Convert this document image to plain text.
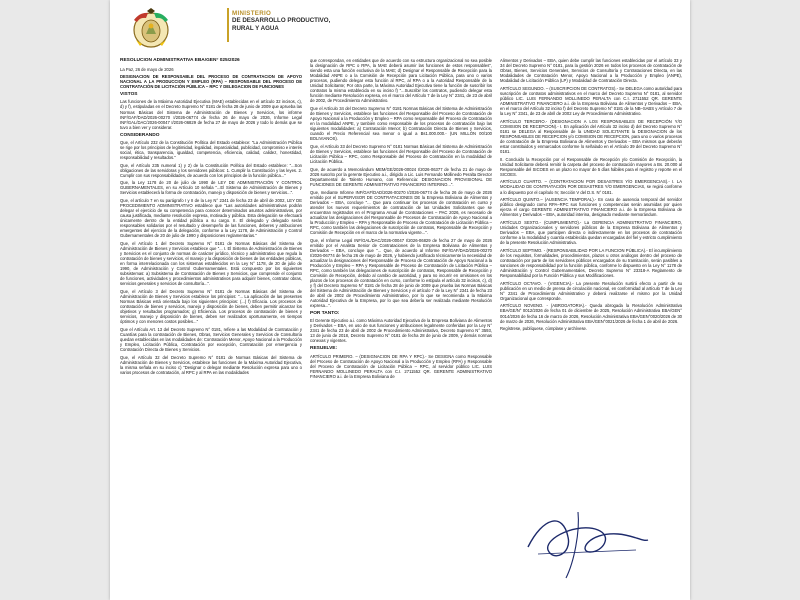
MINISTERIO
DE DESARROLLO PRODUCTIVO,
RURAL Y AGUA

RESOLUCIÓN ADMINISTRATIVA EBA/GEN° 025/2026

La Paz, 26 de mayo de 2026

DESIGNACION DE RESPONSABLE DEL PROCESO DE CONTRATACION DE APOYO NACIONAL A LA PRODUCCION Y EMPLEO (RPA) – RESPONSABLE DEL PROCESO DE CONTRATACIÓN DE LICITACIÓN PÚBLICA – RPC Y DELEGACION DE FUNCIONES

VISTOS

Las funciones de la Máxima Autoridad Ejecutiva (MAE) establecidas en el artículo 32 incisos, c), d) y f), estipuladas en el Decreto Supremo N° 0181 de fecha 28 de junio de 2009 que aprueba las Normas Básicas del Sistema de Administración de Bienes y Servicios, los informe INF/GAF/DAD/2026-00270 I/2026-06774 de fecha 26 de mayo de 2026, Informe Legal INF/GAL/DAC/2026-00047 I/2026-06829 de fecha 27 de mayo de 2026 y todo lo demás que se tuvo a bien ver y considerar.

CONSIDERANDO

Que, el Artículo 232 de la Constitución Política del Estado establece: "La Administración Pública se rige por los principios de legitimidad, legalidad, imparcialidad, publicidad, compromiso e interés social, ética, transparencia, igualdad, competencia, eficiencia, calidad, calidez, honestidad, responsabilidad y resultados."

Que, el Artículo 235 numeral 1) y 2) de la Constitución Política del Estado establece: "...Son obligaciones de las servidoras y los servidores públicos: 1. Cumplir la Constitución y las leyes. 2. Cumplir con sus responsabilidades, de acuerdo con los principios de la función pública..."

Que, la Ley 1178 de 20 de julio de 1990 de LEY DE ADMINISTRACIÓN Y CONTROL GUBERNAMENTALES, en su Artículo 10 señala "...El Sistema de Administración de Bienes y Servicios establecerá la forma de contratación, manejo y disposición de bienes y servicios...".

Que, el artículo 7 en su parágrafo I y II de la Ley N° 2341 de fecha 23 de abril de 2002, LEY DE PROCEDIMIENTO ADMINISTRATIVO establece que "Las autoridades administrativas podrán delegar el ejercicio de su competencia para conocer determinados asuntos administrativos, por causa justificada, mediante resolución expresa, motivada y pública. Esta delegación se efectuará únicamente dentro de la entidad pública a su cargo. II. El delegado y delegado serán responsables solidarios por el resultado y desempeño de las funciones, deberes y atribuciones emergentes del ejercicio de la delegación, conforme a la Ley 1178, de Administración y Control Gubernamentales de 20 de julio de 1990 y disposiciones reglamentarias."

Que, el Artículo 1 del Decreto Supremo N° 0181 de Normas Básicas del Sistema de Administración de Bienes y Servicios establece que "... I. El Sistema de Administración de Bienes y Servicios es el conjunto de normas de carácter jurídico, técnico y administrativo que regula la contratación de bienes y servicios, el manejo y la disposición de bienes de las entidades públicas, en forma interrelacionada con los sistemas establecidos en la Ley N° 1178, de 20 de julio de 1990, de Administración y Control Gubernamentales. Está compuesto por los siguientes subsistemas: a) Subsistema de Contratación de Bienes y Servicios, que comprende el conjunto de funciones, actividades y procedimientos administrativos para adquirir bienes, contratar obras, servicios generales y servicios de consultoría...".

Que, el Artículo 3 del Decreto Supremo N° 0181 de Normas Básicas del Sistema de Administración de Bienes y Servicios establece los principios: "... La aplicación de las presentes Normas Básicas está orientada bajo los siguientes principios: (...) f) Eficacia. Los procesos de contratación de bienes y servicios, manejo y disposición de bienes, deben permitir alcanzar los objetivos y resultados programados; g) Eficiencia. Los procesos de contratación de bienes y servicios, manejo y disposición de bienes, deben ser realizados oportunamente, en tiempos óptimos y con menores costos posibles..."

Que el Artículo Art. 13 del Decreto Supremo N° 0181, refiere a las Modalidad de Contratación y Cuantías para la contratación de Bienes, Obras, Servicios Generales y Servicios de Consultoría quedan establecidas en las modalidades de: Contratación Menor, Apoyo Nacional a la Producción y Empleo, Licitación Pública, Contratación por excepción, Contratación por emergencia y Contratación Directa de Bienes y Servicios.

Que, el Artículo 32 del Decreto Supremo N° 0181 de Normas Básicas del Sistema de Administración de Bienes y Servicios, establece las funciones de la Máxima Autoridad Ejecutiva, la misma señala en su inciso c) "Designar o delegar mediante Resolución expresa para uno o varios procesos de contratación, al RPC y al RPA en las modalidades

que correspondan, en entidades que de acuerdo con su estructura organizacional no sea posible la designación de RPC o RPA, la MAE deberá asumir las funciones de estos responsables", siendo esta una función exclusiva de la MAE; d) Designar el Responsable de Recepción para la Modalidad ANPE o a la Comisión de Recepción para Licitación Pública, para uno o varios procesos, pudiendo delegar esta función al RPC, al RPA o a la Autoridad Responsable de la Unidad Solicitante; Por otra parte, la Máxima Autoridad Ejecutiva tiene la función de suscribir los contratos la misma establecida en su inciso f) "...Suscribir los contratos, pudiendo delegar esta función mediante Resolución expresa, en el marco del Artículo 7 de la Ley N° 2341, de 23 de abril de 2002, de Procedimiento Administrativo.

Que el Artículo 34 del Decreto Supremo N° 0181 Normas Básicas del Sistema de Administración de Bienes y Servicios, establece las funciones del Responsable del Proceso de Contratación de Apoyo Nacional a la Producción y Empleo – RPA como responsable del Proceso de Contratación en la modalidad ANPE, y también como responsable de los procesos de contratación bajo las siguientes modalidades: a) Contratación Menor; b) Contratación Directa de Bienes y Servicios, cuando el Precio Referencial sea menor o igual a Bs1.000.000.- (UN MILLÓN 00/100 BOLIVIANOS).

Que, el Artículo 33 del Decreto Supremo N° 0181 Normas Básicas del Sistema de Administración de Bienes y Servicios, establece las funciones del Responsable del Proceso de Contratación de Licitación Pública – RPC, como Responsable del Proceso de Contratación en la modalidad de Licitación Pública.

Que, de acuerdo a Memorándum MEM/GE/2026-00024 I/2026-06377 de fecha 21 de mayo de 2026 suscrito por la gerente Ejecutivo a.i., dirigido a Lic. Luis Fernando Mollinedo Peralta Director Departamental de Talento Humano, con Referencia: DESIGNACION PROVISIONAL DE FUNCIONES DE GERENTE ADMINISTRATIVO FINANCIERO INTERINO...".

Que, mediante Informe INF/GAF/DAD/2026-00270 I/2026-06774 de fecha 26 de mayo de 2026 emitido por el SUPERVISOR DE CONTRATACIONES DE la Empresa Boliviana de Alimentos y Derivados – EBA, concluye "... Que para continuar los procesos de contratación en curso y atender los nuevos requerimientos de contratación de las Unidades Solicitantes que se encuentran registrados en el Programa Anual de Contrataciones – PAC 2026, es necesario de actualizar las designaciones del Responsable de Procesos de Contratación de Apoyo Nacional a la Producción y Empleo – RPA y Responsable de Proceso de Contratación de Licitación Pública – RPC, como también las delegaciones de suscripción de contratos, Responsable de Recepción y Comisión de Recepción en el marco de la normativa vigente...".

Que, el Informe Legal INF/GAL/DAC/2026-00047 I/2026-06829 de fecha 27 de mayo de 2026 emitido por el Analista Senior de Contrataciones de la Empresa Boliviana de Alimentos y Derivados – EBA, concluye que "... Que, de acuerdo al Informe INF/GAF/DAD/2026-00270 I/2026-06774 de fecha 26 de mayo de 2026, y habiendo justificado técnicamente la necesidad de actualizar la designaciones del Responsable de Proceso de Contratación de Apoyo Nacional a la Producción y Empleo – RPA y Responsable de Proceso de Contratación de Licitación Pública – RPC, como también las delegaciones de suscripción de contratos, Responsable de Recepción y Comisión de Recepción, debido al cambio de autoridad, y para no incurrir en omisiones en los plazos de los procesos de contratación en curso, conforme lo estipula el artículo 32 incisos, c), d) y f) del Decreto Supremo N° 0181 de fecha 28 de junio de 2009 que prueba las Normas Básicas del Sistema de Administración de Bienes y Servicios y el artículo 7 de la Ley N° 2341 de fecha 23 de abril de 2002 de Procedimiento Administrativo, por lo que se recomienda a la Máxima Autoridad Ejecutiva de la Empresa, por lo que sea debería ser realizada mediante Resolución expresa...".

POR TANTO:

El Gerente Ejecutivo a.i. como Máxima Autoridad Ejecutiva de la Empresa Boliviana de Alimentos y Derivados – EBA, en uso de sus funciones y atribuciones legalmente conferidas por la Ley N° 2341 de fecha 23 de abril de 2002 de Procedimiento Administrativo, Decreto Supremo N° 3593, 13 de junio de 2018, Decreto Supremo N° 0181 de fecha 28 de junio de 2009, y demás normas conexas y vigentes.

RESUELVE:

ARTÍCULO PRIMERO. – (DESIGNACION DE RPA Y RPC).- Se DESIGNA como Responsable del Proceso de Contratación de Apoyo Nacional a la Producción y Empleo (RPA) y Responsable del Proceso de Contratación de Licitación Pública – RPC, al servidor público LIC. LUIS FERNANDO MOLLINEDO PERALTA con C.I. 2711552 QR. GERENTE ADMINISTRATIVO FINANCIERO a.i. de la Empresa Boliviana de

Alimentos y Derivados – EBA, quien debe cumplir las funciones establecidas por el artículo 33 y 34 del Decreto Supremo N° 0181, para la gestión 2026 en todos los procesos de contratación de Obras, Bienes, Servicios Generales, Servicios de Consultoría y Contrataciones Directa, en las Modalidades de Contratación Menor, Apoyo Nacional a la Producción y Empleo (ANPE), Modalidad de Licitación Pública (LP) y Modalidad de Contratación Directa.

ARTÍCULO SEGUNDO. – (SUSCRIPCION DE CONTRATOS).- Se DELEGA como autoridad para suscripción de contratos administrativos en el marco del Decreto Supremo N° 0181, al servidor público LIC. LUIS FERNANDO MOLLINEDO PERALTA con C.I. 2711552 QR. GERENTE ADMINISTRATIVO FINANCIERO a.i. de la Empresa Boliviana de Alimentos y Derivados – EBA, en el marco del Artículo 32 inciso f) del Decreto Supremo N° 0181 de la NB–SABS y Artículo 7 de la Ley N° 2341, de 23 de abril de 2002 Ley de Procedimiento Administrativo.

ARTÍCULO TERCERO.- (DESIGNACION A LOS RESPONSABLES DE RECEPCIÓN Y/O COMISION DE RECEPCION).- I. En aplicación del Artículo 32 inciso d) del Decreto Supremo N° 0181 se DELEGA al Responsable de la UNIDAD SOLICITANTE la DESIGNACION de los RESPONSABLES DE RECEPCION y/o COMISION DE RECEPCION, para uno o varios procesos de contratación de la Empresa Boliviana de Alimentos y Derivados – EBA mismos que deberán estar constituidos y enmarcados conforme lo señalado en el Artículo 39 del Decreto Supremo N° 0181.

II. Concluido la Recepción por el Responsable de Recepción y/o Comisión de Recepción, la Unidad Solicitante deberá remitir la carpeta del proceso de contratación mayores a Bs. 20.000 al Responsable del SICOES en un plazo no mayor de 5 días hábiles para el registro y reporte en el SICOES.

ARTÍCULO CUARTO. – (CONTRATACION POR DESASTRES Y/O EMERGENCIAS).- I. LA MODALIDAD DE CONTRATACIÓN POR DESASTRES Y/O EMERGENCIAS, se regirá conforme a lo dispuesto por el capítulo IV, Sección V del D.S. N° 0181.

ARTÍCULO QUINTO.– (AUSENCIA TEMPORAL).- En caso de ausencia temporal del servidor público designado como RPA–RPC sus funciones y competencias serán asumidas por quien ejerza el cargo GERENTE ADMINISTRATIVO FINANCIERO a.i. de la Empresa Boliviana de Alimentos y Derivados – EBA, autoridad interina, designado mediante memorándum.

ARTÍCULO SEXTO.- (CUMPLIMIENTO).- La GERENCIA ADMINISTRATIVO FINANCIERO, Unidades Organizacionales y servidores públicos de la Empresa Boliviana de Alimentos y Derivados – EBA, que participen directa o indirectamente en los procesos de contratación conforme a la modalidad y cuantía establecida quedan encargadas del fiel y estricto cumplimiento de la presente Resolución Administrativa.

ARTÍCULO SEPTIMO. - (RESPONSABILIDAD POR LA FUNCION PÚBLICA).- El incumplimiento de los requisitos, formalidades, procedimientos, plazos u otros análogos dentro del proceso de contratación por parte de los servidores públicos encargados de su tramitación, serán pasibles a sanciones de responsabilidad por la función pública, conforme lo dispuesto en la Ley N° 1178 de Administración y Control Gubernamentales, Decreto Supremo N° 23318-A Reglamento de Responsabilidad por la Función Pública y sus Modificaciones.

ARTÍCULO OCTAVO. - (VIGENCIA).- La presente Resolución surtirá efecto a partir de su publicación en un medio de prensa de circulación nacional, en conformidad al artículo 7 de la Ley N° 2341 de Procedimiento Administrativo y deberá realizarse el mismo por la Unidad Organizacional que corresponde.

ARTÍCULO NOVENO. - (ABROGATORIA).- Queda abrogada la Resolución Administrativa EBA/GE/N° 0012/2026 de fecha 01 de diciembre de 2025, Resolución Administrativa EBA/GEN° 0014/2026 de fecha 16 de marzo de 2026, Resolución Administrativa EBA/GEN°0020/2026 de 30 de marzo de 2026, Resolución Administrativa EBA/GEN°0021/2026 de fecha 1 de abril de 2026.

Regístrese, publíquese, cúmplase y archívese.
